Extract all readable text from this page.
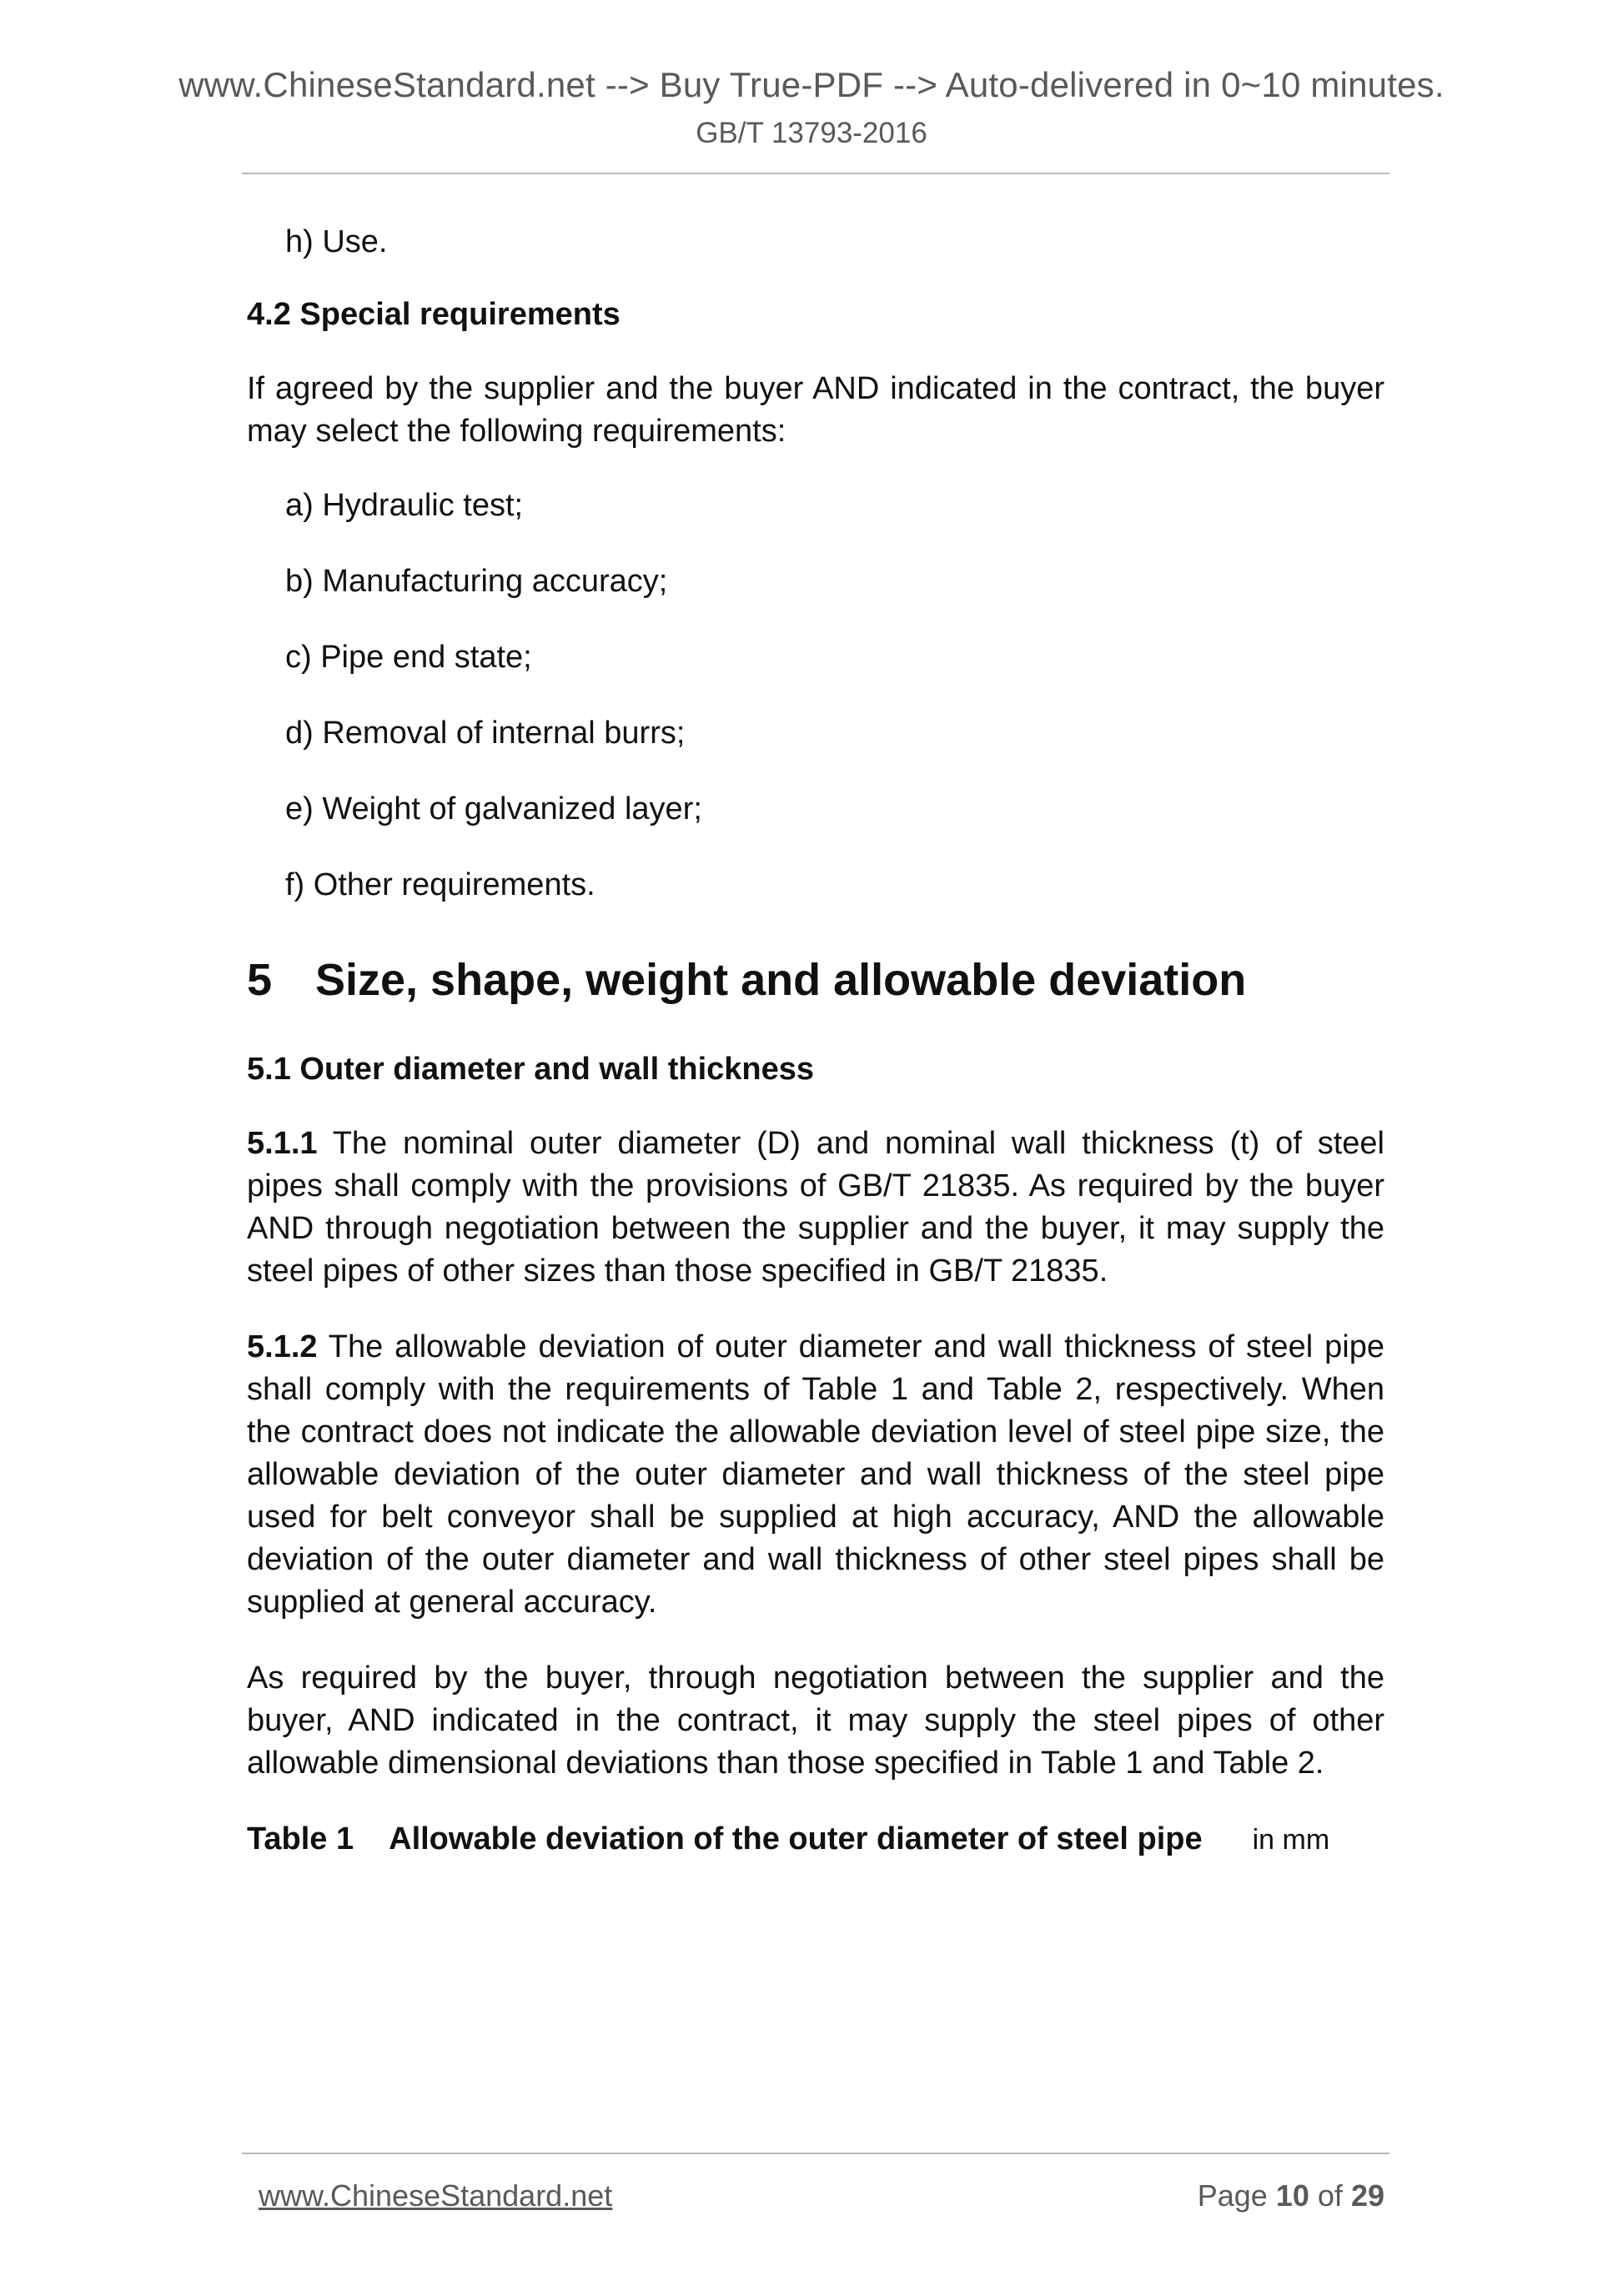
www.ChineseStandard.net --> Buy True-PDF --> Auto-delivered in 0~10 minutes.
GB/T 13793-2016

h) Use.

4.2 Special requirements

If agreed by the supplier and the buyer AND indicated in the contract, the buyer may select the following requirements:

a) Hydraulic test;

b) Manufacturing accuracy;

c) Pipe end state;

d) Removal of internal burrs;

e) Weight of galvanized layer;

f) Other requirements.

5 Size, shape, weight and allowable deviation

5.1 Outer diameter and wall thickness

5.1.1 The nominal outer diameter (D) and nominal wall thickness (t) of steel pipes shall comply with the provisions of GB/T 21835. As required by the buyer AND through negotiation between the supplier and the buyer, it may supply the steel pipes of other sizes than those specified in GB/T 21835.

5.1.2 The allowable deviation of outer diameter and wall thickness of steel pipe shall comply with the requirements of Table 1 and Table 2, respectively. When the contract does not indicate the allowable deviation level of steel pipe size, the allowable deviation of the outer diameter and wall thickness of the steel pipe used for belt conveyor shall be supplied at high accuracy, AND the allowable deviation of the outer diameter and wall thickness of other steel pipes shall be supplied at general accuracy.

As required by the buyer, through negotiation between the supplier and the buyer, AND indicated in the contract, it may supply the steel pipes of other allowable dimensional deviations than those specified in Table 1 and Table 2.

Table 1 Allowable deviation of the outer diameter of steel pipe in mm

www.ChineseStandard.net	Page 10 of 29
